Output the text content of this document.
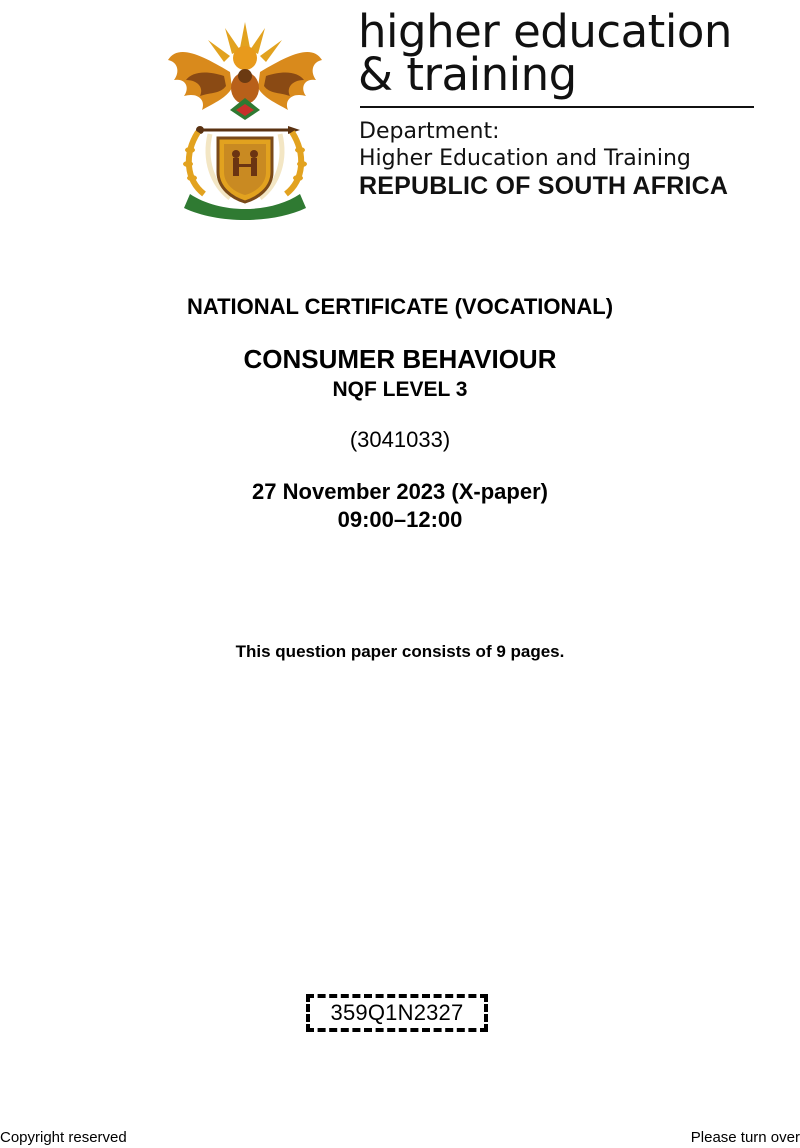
higher education
& training
Department:
Higher Education and Training
REPUBLIC OF SOUTH AFRICA
NATIONAL CERTIFICATE (VOCATIONAL)
CONSUMER BEHAVIOUR
NQF LEVEL 3
(3041033)
27 November 2023 (X-paper)
09:00–12:00
This question paper consists of 9 pages.
359Q1N2327
Copyright reserved	Please turn over
